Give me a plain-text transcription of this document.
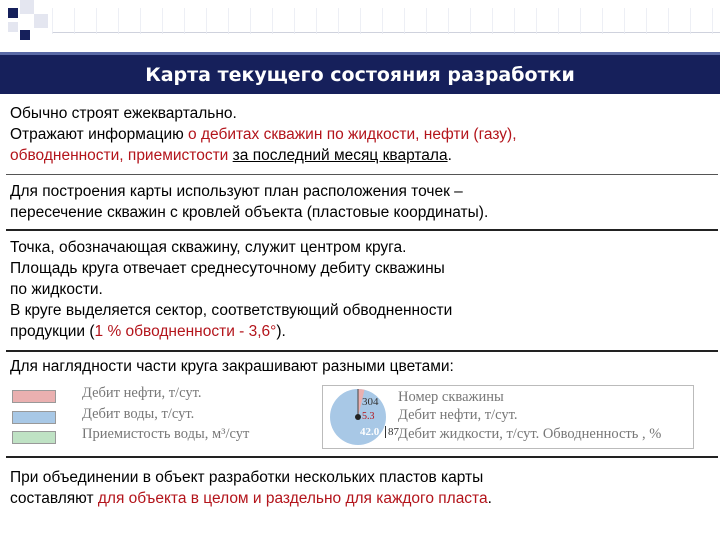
Карта текущего состояния разработки
Обычно строят ежеквартально.
Отражают информацию о дебитах скважин по жидкости, нефти (газу),
обводненности, приемистости за последний месяц квартала.
Для построения карты используют план расположения точек –
пересечение скважин с кровлей объекта (пластовые координаты).
Точка, обозначающая скважину, служит центром круга.
Площадь круга отвечает среднесуточному дебиту скважины
по жидкости.
В круге выделяется сектор, соответствующий обводненности
продукции (1 % обводненности - 3,6°).
Для наглядности части круга закрашивают разными цветами:
Дебит нефти, т/сут.
Дебит воды, т/сут.
Приемистость воды, м³/сут
304
5.3
42.0 87
Номер скважины
Дебит нефти, т/сут.
Дебит жидкости, т/сут. Обводненность , %
При объединении в объект разработки нескольких пластов карты
составляют для объекта в целом и раздельно для каждого пласта.
